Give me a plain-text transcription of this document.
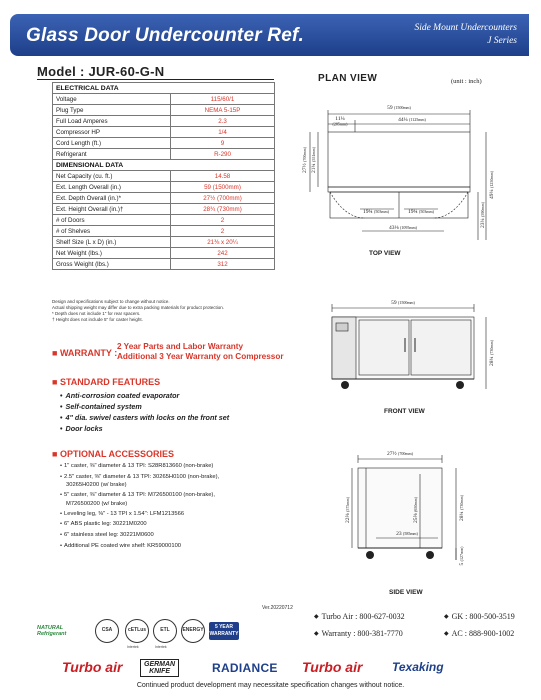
Glass Door Undercounter Ref.	Side Mount Undercounters
J Series
Model : JUR-60-G-N
ELECTRICAL DATA	
Voltage	115/60/1
Plug Type	NEMA 5-15P
Full Load Amperes	2.3
Compressor HP	1/4
Cord Length (ft.)	9
Refrigerant	R-290
DIMENSIONAL DATA	
Net Capacity (cu. ft.)	14.58
Ext. Length Overall (in.)	59 (1500mm)
Ext. Depth Overall (in.)*	27½ (700mm)
Ext. Height Overall (in.)†	28¾ (730mm)
# of Doors	2
# of Shelves	2
Shelf Size (L x D) (in.)	21⅜ x 20¼
Net Weight (lbs.)	242
Gross Weight (lbs.)	312
Design and specifications subject to change without notice.
Actual shipping weight may differ due to extra packing materials for product protection.
* Depth does not include 1" for rear spacers.
† Height does not include 5" for caster height.
■ WARRANTY :
2 Year Parts and Labor Warranty
Additional 3 Year Warranty on Compressor
■ STANDARD FEATURES
• Anti-corrosion coated evaporator
• Self-contained system
• 4" dia. swivel casters with locks on the front set
• Door locks
■ OPTIONAL ACCESSORIES
• 1" caster, ⅜" diameter & 13 TPI: S28R813660 (non-brake)
• 2.5" caster, ⅜" diameter & 13 TPI: 30265H0100 (non-brake),
30265H0200 (w/ brake)
• 5" caster, ⅜" diameter & 13 TPI: M726500100 (non-brake),
M726500200 (w/ brake)
• Leveling leg, ⅜" - 13 TPI x 1.54": LFM1213566
• 6" ABS plastic leg: 30221M0200
• 6" stainless steel leg: 30221M0600
• Additional PE coated wire shelf: KR59000100
PLAN VIEW	(unit : inch)
59 (1500mm)
11¼
(285mm)
44¼ (1125mm)
27½ (700mm)
21¾ (551mm)
49¼ (1250mm)
23¼ (590mm)
19¾ (503mm)	19¾ (503mm)
43⅛ (1095mm)
59 (1500mm)
28¾ (730mm)
27½ (700mm)
22⅝ (575mm)
25⅝ (650mm)
23 (585mm)
28¾ (730mm)
5 (127mm)
TOP VIEW
FRONT VIEW
SIDE VIEW
Ver.20220712
◆ Turbo Air : 800-627-0032	◆ GK : 800-500-3519
◆ Warranty : 800-381-7770	◆ AC : 888-900-1002
NATURAL
Refrigerant
CSA	cETLus
Intertek
ETL
Intertek
ENERGY	5 YEAR
WARRANTY
Turbo air	GERMAN
KNIFE	RADIANCE Turbo air Texaking
Continued product development may necessitate specification changes without notice.
